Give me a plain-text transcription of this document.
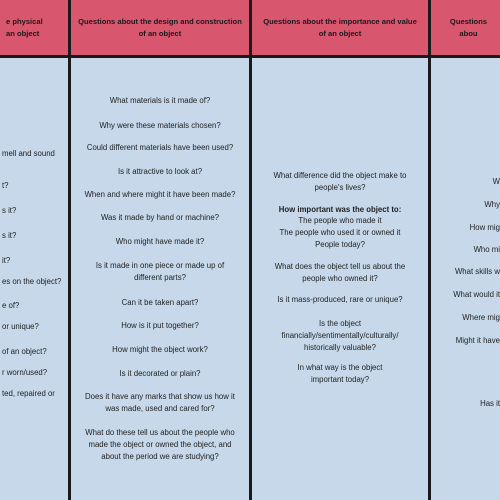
e physical
an object
mell and sound
t?
s it?
s it?
it?
es on the object?
e of?
or unique?
of an object?
r worn/used?
ted, repaired or
Questions about the design and construction
of an object
What materials is it made of?
Why were these materials chosen?
Could different materials have been used?
Is it attractive to look at?
When and where might it have been made?
Was it made by hand or machine?
Who might have made it?
Is it made in one piece or made up of
different parts?
Can it be taken apart?
How is it put together?
How might the object work?
Is it decorated or plain?
Does it have any marks that show us how it
was made, used and cared for?
What do these tell us about the people who
made the object or owned the object, and
about the period we are studying?
Questions about the importance and value
of an object
What difference did the object make to
people's lives?
How important was the object to:
The people who made it
The people who used it or owned it
People today?
What does the object tell us about the
people who owned it?
Is it mass-produced, rare or unique?
Is the object
financially/sentimentally/culturally/
historically valuable?
In what way is the object
important today?
Questions abou
W
Why
How mig
Who mi
What skills w
What would it
Where mig
Might it have
Has it
